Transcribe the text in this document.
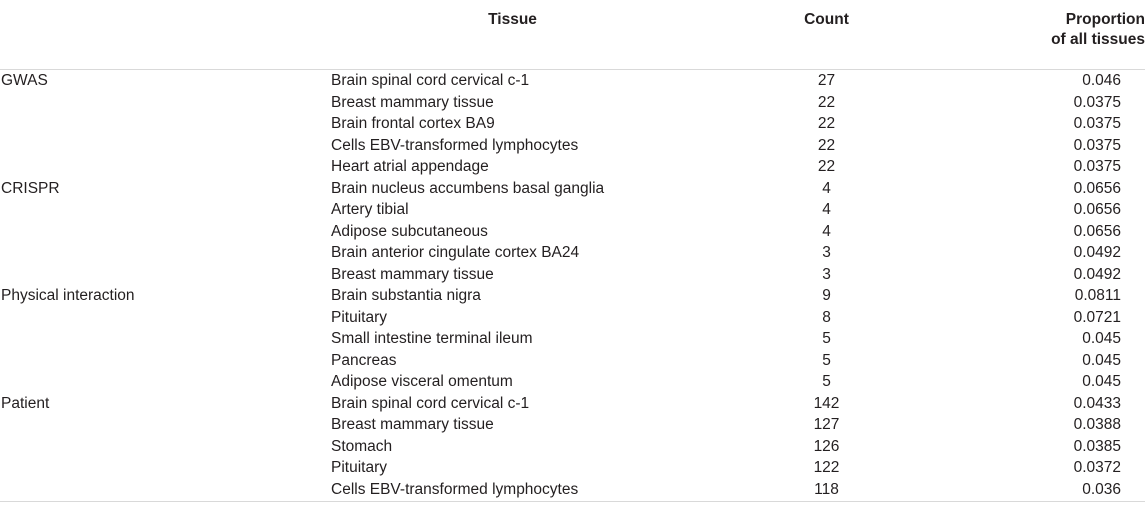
	Tissue	Count	Proportion
of all tissues

GWAS	Brain spinal cord cervical c-1	27	0.046
	Breast mammary tissue	22	0.0375
	Brain frontal cortex BA9	22	0.0375
	Cells EBV-transformed lymphocytes	22	0.0375
	Heart atrial appendage	22	0.0375
CRISPR	Brain nucleus accumbens basal ganglia	4	0.0656
	Artery tibial	4	0.0656
	Adipose subcutaneous	4	0.0656
	Brain anterior cingulate cortex BA24	3	0.0492
	Breast mammary tissue	3	0.0492
Physical interaction	Brain substantia nigra	9	0.0811
	Pituitary	8	0.0721
	Small intestine terminal ileum	5	0.045
	Pancreas	5	0.045
	Adipose visceral omentum	5	0.045
Patient	Brain spinal cord cervical c-1	142	0.0433
	Breast mammary tissue	127	0.0388
	Stomach	126	0.0385
	Pituitary	122	0.0372
	Cells EBV-transformed lymphocytes	118	0.036
